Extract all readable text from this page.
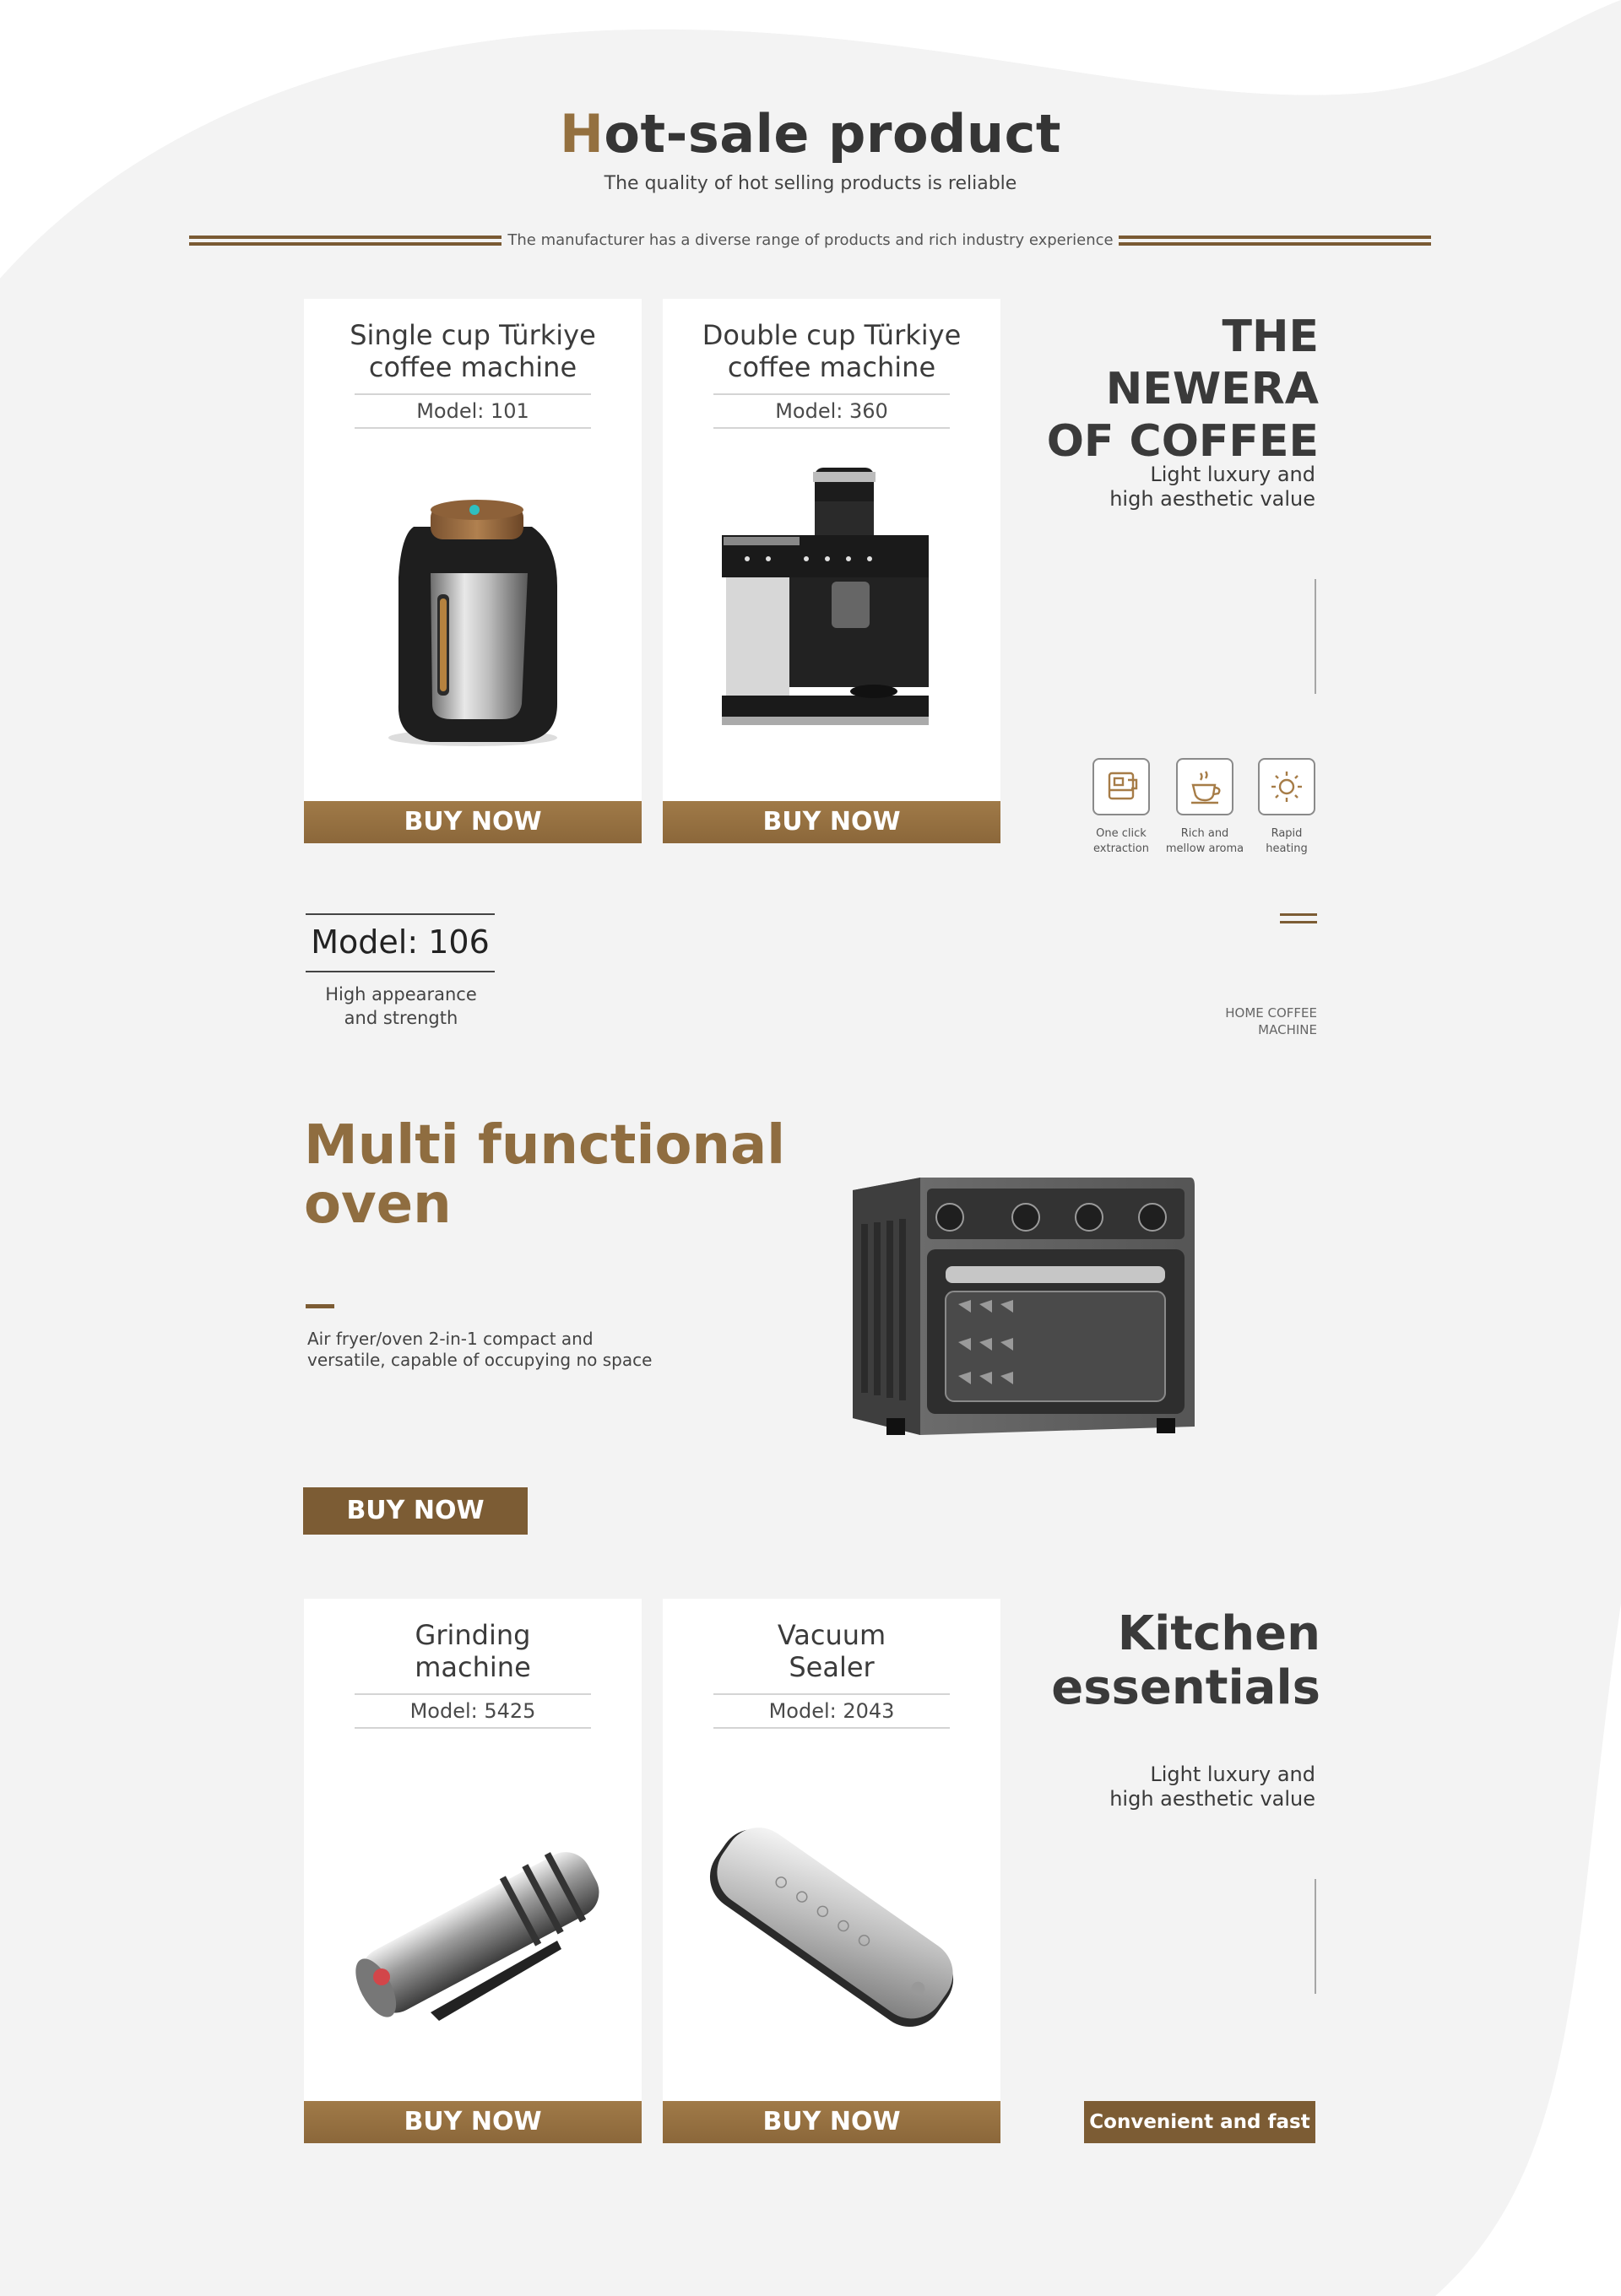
Hot-sale product
The quality of hot selling products is reliable
The manufacturer has a diverse range of products and rich industry experience
Single cup Türkiye
coffee machine
Model: 101
BUY NOW
Double cup Türkiye
coffee machine
Model: 360
BUY NOW
THE NEWERA
OF COFFEE
Light luxury and
high aesthetic value
One click
extraction
Rich and
mellow aroma
Rapid
heating
Model: 106
High appearance
and strength	HOME COFFEE
MACHINE
Multi functional
oven
Air fryer/oven 2-in-1 compact and
versatile, capable of occupying no space
BUY NOW
Grinding
machine
Model: 5425
BUY NOW
Vacuum
Sealer
Model: 2043
BUY NOW
Kitchen
essentials
Light luxury and
high aesthetic value
Convenient and fast
